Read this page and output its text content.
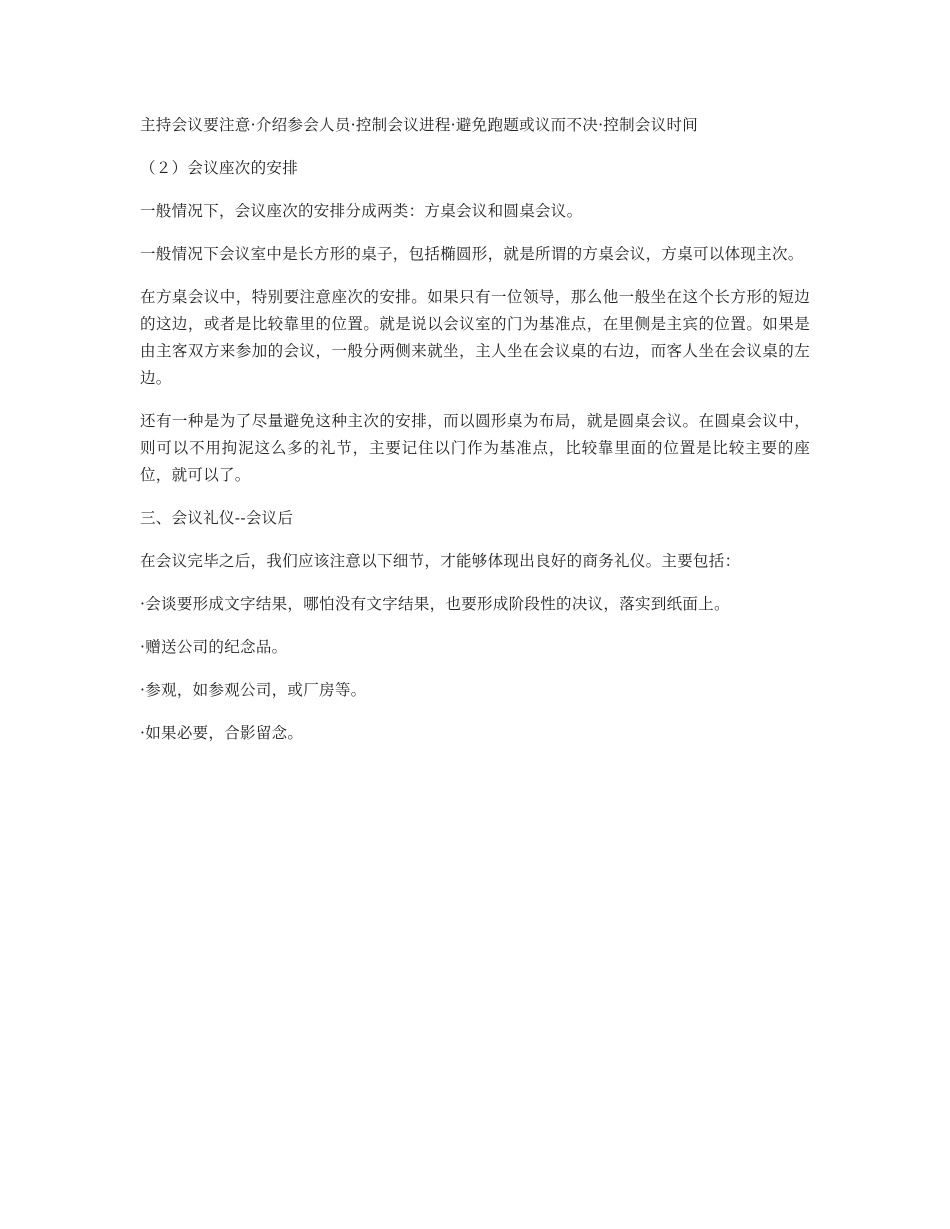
主持会议要注意·介绍参会人员·控制会议进程·避免跑题或议而不决·控制会议时间

（２）会议座次的安排

一般情况下，会议座次的安排分成两类：方桌会议和圆桌会议。

一般情况下会议室中是长方形的桌子，包括椭圆形，就是所谓的方桌会议，方桌可以体现主次。

在方桌会议中，特别要注意座次的安排。如果只有一位领导，那么他一般坐在这个长方形的短边的这边，或者是比较靠里的位置。就是说以会议室的门为基准点，在里侧是主宾的位置。如果是由主客双方来参加的会议，一般分两侧来就坐，主人坐在会议桌的右边，而客人坐在会议桌的左边。

还有一种是为了尽量避免这种主次的安排，而以圆形桌为布局，就是圆桌会议。在圆桌会议中，则可以不用拘泥这么多的礼节，主要记住以门作为基准点，比较靠里面的位置是比较主要的座位，就可以了。

三、会议礼仪--会议后

在会议完毕之后，我们应该注意以下细节，才能够体现出良好的商务礼仪。主要包括：

·会谈要形成文字结果，哪怕没有文字结果，也要形成阶段性的决议，落实到纸面上。

·赠送公司的纪念品。

·参观，如参观公司，或厂房等。

·如果必要，合影留念。
